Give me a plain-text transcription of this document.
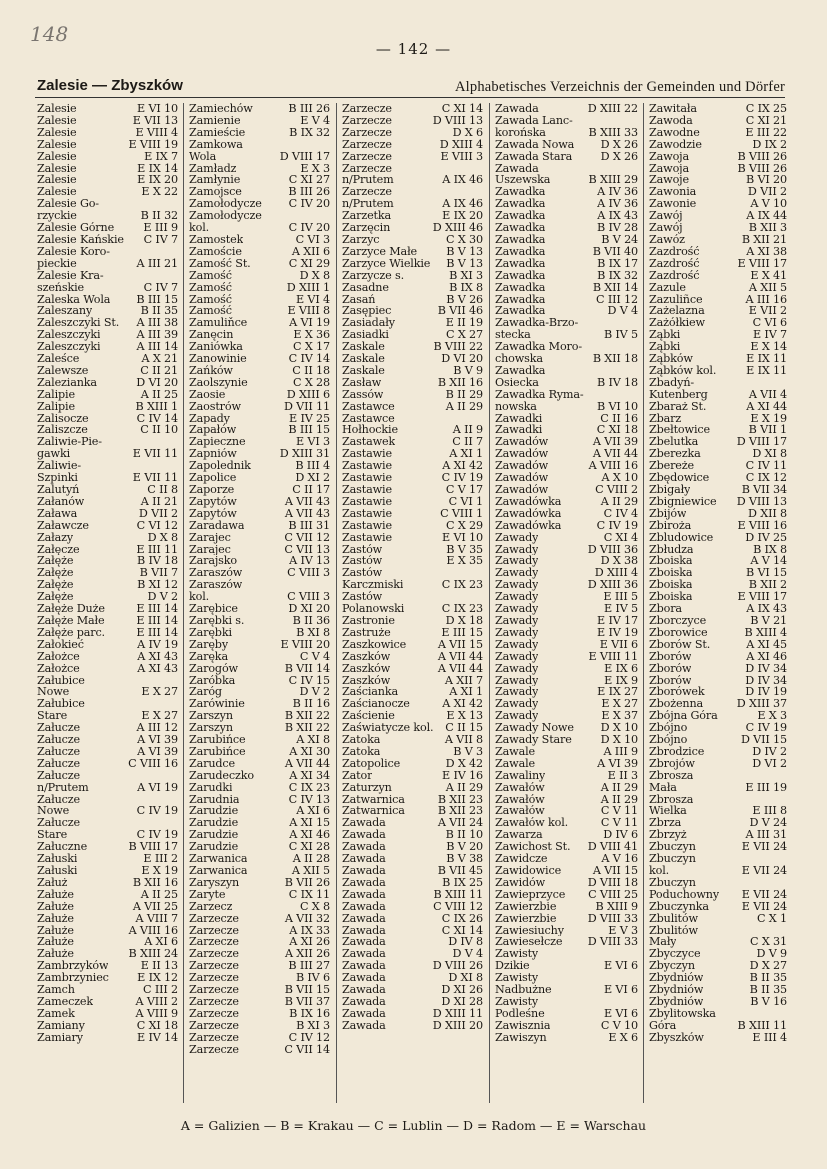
148
— 142 —
Zalesie — Zbyszków	Alphabetisches Verzeichnis der Gemeinden und Dörfer
Zalesie	E VI 10
Zalesie	E VII 13
Zalesie	E VIII 4
Zalesie	E VIII 19
Zalesie	E IX 7
Zalesie	E IX 14
Zalesie	E IX 20
Zalesie	E X 22
Zalesie Go-
rzyckie	B II 32
Zalesie Górne	E III 9
Zalesie Kańskie C IV 7
Zalesie Koro-
pieckie	A III 21
Zalesie Kra-
szeńskie	C IV 7
Zaleska Wola B III 15
Zaleszany	B II 35
Zaleszczyki St. A III 38
Zaleszczyki	A III 39
Zaleszczyki	A III 14
Zaleśce	A X 21
Zalewsze	C II 21
Zalezianka	D VI 20
Zalipie	A II 25
Zalipie	B XIII 1
Zalisocze	C IV 14
Zaliszcze	C II 10
Zaliwie-Pie-
gawki	E VII 11
Zaliwie-
Szpinki	E VII 11
Zalutyń	C II 8
Załanów	A II 21
Zaława	D VII 2
Załawcze	C VI 12
Załazy	D X 8
Załęcze	E III 11
Załęże	B IV 18
Załęże	B VII 7
Załęże	B XI 12
Załęże	D V 2
Załęże Duże	E III 14
Załęże Małe	E III 14
Załęże parc.	E III 14
Załokieć	A IV 19
Założce	A XI 43
Założce	A XI 43
Załubice
Nowe	E X 27
Załubice
Stare	E X 27
Załucze	A III 12
Załucze	A VI 39
Załucze	A VI 39
Załucze	C VIII 16
Załucze
n/Prutem	A VI 19
Załucze
Nowe	C IV 19
Załucze
Stare	C IV 19
Załuczne	B VIII 17
Załuski	E III 2
Załuski	E X 19
Załuż	B XII 16
Załuże	A II 25
Załuże	A VII 25
Załuże	A VIII 7
Załuże	A VIII 16
Załuże	A XI 6
Załuże	B XIII 24
Zambrzyków	E II 13
Zambrzyniec	E IX 12
Zamch	C III 2
Zameczek	A VIII 2
Zamek	A VIII 9
Zamiany	C XI 18
Zamiary	E IV 14
Zamiechów	B III 26
Zamienie	E V 4
Zamieście	B IX 32
Zamkowa
Wola	D VIII 17
Zamładz	E X 3
Zamłynie	C XI 27
Zamojsce	B III 26
Zamołodycze C IV 20
Zamołodycze
kol.	C IV 20
Zamostek	C VI 3
Zamoście	A XII 6
Zamość St.	C XI 29
Zamość	D X 8
Zamość	D XIII 1
Zamość	E VI 4
Zamość	E VIII 8
Zamuliňce	A VI 19
Zanęcin	E X 36
Zaniówka	C X 17
Zanowinie	C IV 14
Zańków	C II 18
Zaolszynie	C X 28
Zaosie	D XIII 6
Zaostrów	D VII 11
Zapady	E IV 25
Zapałów	B III 15
Zapieczne	E VI 3
Zapniów	D XIII 31
Zapolednik	B III 4
Zapolice	D XI 2
Zaporze	C II 17
Zapytów	A VII 43
Zapytów	A VII 43
Zaradawa	B III 31
Zarajec	C VII 12
Zarajec	C VII 13
Zarajsko	A IV 13
Zaraszów	C VIII 3
Zaraszów
kol.	C VIII 3
Zarębice	D XI 20
Zarębki s.	B II 36
Zarębki	B XI 8
Zaręby	E VIII 20
Zaręka	C V 4
Zarogów	B VII 14
Zaróbka	C IV 15
Zaróg	D V 2
Zarówinie	B II 16
Zarszyn	B XII 22
Zarszyn	B XII 22
Zarubińce	A XI 8
Zarubińce	A XI 30
Zarudce	A VII 44
Zarudeczko	A XI 34
Zarudki	C IX 23
Zarudnia	C IV 13
Zarudzie	A XI 6
Zarudzie	A XI 15
Zarudzie	A XI 46
Zarudzie	C XI 28
Zarwanica	A II 28
Zarwanica	A XII 5
Zaryszyn	B VII 26
Zaryte	C IX 11
Zarzecz	C X 8
Zarzecze	A VII 32
Zarzecze	A IX 33
Zarzecze	A XI 26
Zarzecze	A XII 26
Zarzecze	B III 27
Zarzecze	B IV 6
Zarzecze	B VII 15
Zarzecze	B VII 37
Zarzecze	B IX 16
Zarzecze	B XI 3
Zarzecze	C IV 12
Zarzecze	C VII 14
Zarzecze	C XI 14
Zarzecze	D VIII 13
Zarzecze	D X 6
Zarzecze	D XIII 4
Zarzecze	E VIII 3
Zarzecze
n/Prutem	A IX 46
Zarzecze
n/Prutem	A IX 46
Zarzetka	E IX 20
Zarzęcin	D XIII 46
Zarzyc	C X 30
Zarzyce Małe	B V 13
Zarzyce Wielkie B V 13
Zarzycze s.	B XI 3
Zasadne	B IX 8
Zasań	B V 26
Zasępiec	B VII 46
Zasiadały	E II 19
Zasiadki	C X 27
Zaskale	B VIII 22
Zaskale	D VI 20
Zaskale	B V 9
Zasław	B XII 16
Zassów	B II 29
Zastawce	A II 29
Zastawce
Hołhockie	A II 9
Zastawek	C II 7
Zastawie	A XI 1
Zastawie	A XI 42
Zastawie	C IV 19
Zastawie	C V 17
Zastawie	C VI 1
Zastawie	C VIII 1
Zastawie	C X 29
Zastawie	E VI 10
Zastów	B V 35
Zastów	E X 35
Zastów
Karczmiski	C IX 23
Zastów
Polanowski	C IX 23
Zastronie	D X 18
Zastruże	E III 15
Zaszkowice	A VII 15
Zaszków	A VII 44
Zaszków	A VII 44
Zaszków	A XII 7
Zaścianka	A XI 1
Zaścianocze	A XI 42
Zaścienie	E X 13
Zaświatycze kol. C II 15
Zatoka	A VII 8
Zatoka	B V 3
Zatopolice	D X 42
Zator	E IV 16
Zaturzyn	A II 29
Zatwarnica	B XII 23
Zatwarnica	B XII 23
Zawada	A VII 24
Zawada	B II 10
Zawada	B V 20
Zawada	B V 38
Zawada	B VII 45
Zawada	B IX 25
Zawada	B XIII 11
Zawada	C VIII 12
Zawada	C IX 26
Zawada	C XI 14
Zawada	D IV 8
Zawada	D V 4
Zawada	D VIII 26
Zawada	D XI 8
Zawada	D XI 26
Zawada	D XI 28
Zawada	D XIII 11
Zawada	D XIII 20
Zawada	D XIII 22
Zawada Lanc-
korońska	B XIII 33
Zawada Nowa D X 26
Zawada Stara	D X 26
Zawada
Uszewska	B XIII 29
Zawadka	A IV 36
Zawadka	A IV 36
Zawadka	A IX 43
Zawadka	B IV 28
Zawadka	B V 24
Zawadka	B VII 40
Zawadka	B IX 17
Zawadka	B IX 32
Zawadka	B XII 14
Zawadka	C III 12
Zawadka	D V 4
Zawadka-Brzo-
stecka	B IV 5
Zawadka Moro-
chowska	B XII 18
Zawadka
Osiecka	B IV 18
Zawadka Ryma-
nowska	B VI 10
Zawadki	C II 16
Zawadki	C XI 18
Zawadów	A VII 39
Zawadów	A VII 44
Zawadów	A VIII 16
Zawadów	A X 10
Zawadów	C VIII 2
Zawadówka	A II 29
Zawadówka	C IV 4
Zawadówka	C IV 19
Zawady	C XI 4
Zawady	D VIII 36
Zawady	D X 38
Zawady	D XIII 4
Zawady	D XIII 36
Zawady	E III 5
Zawady	E IV 5
Zawady	E IV 17
Zawady	E IV 19
Zawady	E VII 6
Zawady	E VIII 11
Zawady	E IX 6
Zawady	E IX 9
Zawady	E IX 27
Zawady	E X 27
Zawady	E X 37
Zawady Nowe D X 10
Zawady Stare	D X 10
Zawale	A III 9
Zawale	A VI 39
Zawaliny	E II 3
Zawałów	A II 29
Zawałów	A II 29
Zawałów	C V 11
Zawałów kol.	C V 11
Zawarza	D IV 6
Zawichost St. D VIII 41
Zawidcze	A V 16
Zawidowice	A VII 15
Zawidów	D VIII 18
Zawieprzyce C VIII 25
Zawierzbie	B XIII 9
Zawierzbie	D VIII 33
Zawiesiuchy	E V 3
Zawiesełcze D VIII 33
Zawisty
Dzikie	E VI 6
Zawisty
Nadbużne	E VI 6
Zawisty
Podleśne	E VI 6
Zawisznia	C V 10
Zawiszyn	E X 6
Zawitała	C IX 25
Zawoda	C XI 21
Zawodne	E III 22
Zawodzie	D IX 2
Zawoja	B VIII 26
Zawoja	B VIII 26
Zawoje	B VI 20
Zawonia	D VII 2
Zawonie	A V 10
Zawój	A IX 44
Zawój	B XII 3
Zawóz	B XII 21
Zazdrość	A XI 38
Zazdrość	E VIII 17
Zazdrość	E X 41
Zazule	A XII 5
Zazuliñce	A III 16
Zażelazna	E VII 2
Zażółkiew	C VI 6
Ząbki	E IV 7
Ząbki	E X 14
Ząbków	E IX 11
Ząbków kol.	E IX 11
Zbadyń-
Kutenberg	A VII 4
Zbaraż St.	A XI 44
Zbarz	E X 19
Zbełtowice	B VII 1
Zbelutka	D VIII 17
Zberezka	D XI 8
Zbereże	C IV 11
Zbędowice	C IX 12
Zbigały	B VII 34
Zbigniewice D VIII 13
Zbijów	D XII 8
Zbiroża	E VIII 16
Zbludowice	D IV 25
Zbłudza	B IX 8
Zboiska	A V 14
Zboiska	B VI 15
Zboiska	B XII 2
Zboiska	E VIII 17
Zbora	A IX 43
Zborczyce	B V 21
Zborowice	B XIII 4
Zborów St.	A XI 45
Zborów	A XI 46
Zborów	D IV 34
Zborów	D IV 34
Zborówek	D IV 19
Zbożenna	D XIII 37
Zbójna Góra	E X 3
Zbójno	C IV 19
Zbójno	D VII 15
Zbrodzice	D IV 2
Zbrojów	D VI 2
Zbrosza
Mała	E III 19
Zbrosza
Wielka	E III 8
Zbrza	D V 24
Zbrzyż	A III 31
Zbuczyn	E VII 24
Zbuczyn
kol.	E VII 24
Zbuczyn
Poduchowny E VII 24
Zbuczynka	E VII 24
Zbulitów	C X 1
Zbulitów
Mały	C X 31
Zbyczyce	D V 9
Zbyczyn	D X 27
Zbydniów	B II 35
Zbydniów	B II 35
Zbydniów	B V 16
Zbylitowska
Góra	B XIII 11
Zbyszków	E III 4
A = Galizien — B = Krakau — C = Lublin — D = Radom — E = Warschau
